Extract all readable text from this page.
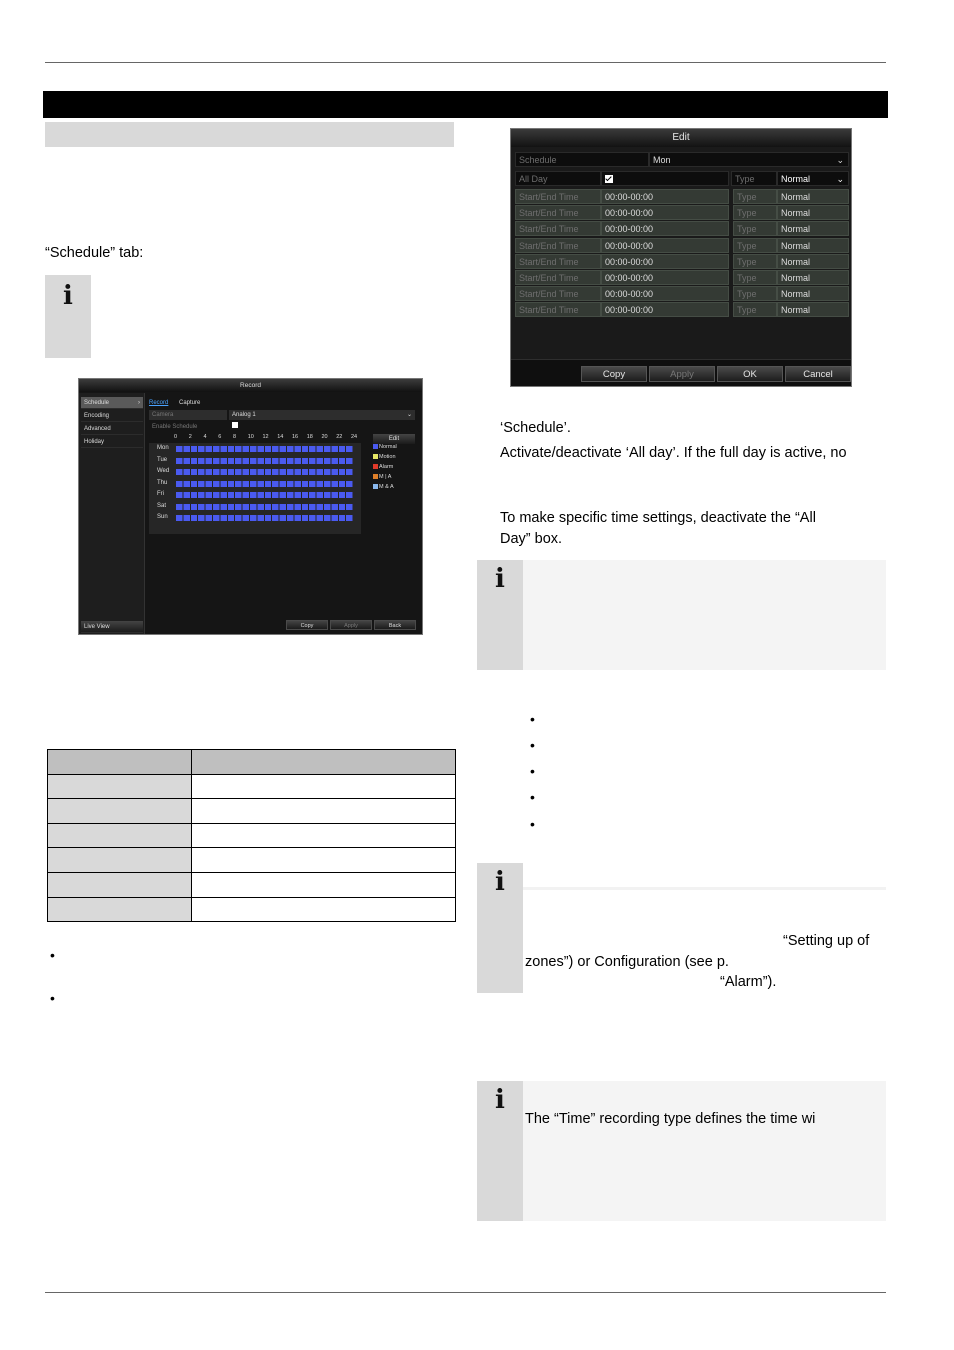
“Schedule” tab:
i
Record
Schedule	›
Encoding
Advanced
Holiday
Live View
Record	Capture
Camera	Analog 1	⌄
Enable Schedule
Edit
0 2 4 6 8 10 12 14 16 18 20 22 24
Mon
Tue
Wed
Thu
Fri
Sat
Sun
Normal
Motion
Alarm
M | A
M & A
Copy	Apply	Back

•
•
Edit
Schedule	Mon	⌄
All Day	Type	Normal	⌄
Start/End Time	00:00-00:00	Type	Normal
Start/End Time	00:00-00:00	Type	Normal
Start/End Time	00:00-00:00	Type	Normal
Start/End Time	00:00-00:00	Type	Normal
Start/End Time	00:00-00:00	Type	Normal
Start/End Time	00:00-00:00	Type	Normal
Start/End Time	00:00-00:00	Type	Normal
Start/End Time	00:00-00:00	Type	Normal
Copy	Apply	OK	Cancel
‘Schedule’.
Activate/deactivate ‘All day’. If the full day is active, no
To make specific time settings, deactivate the “All
Day” box.
i
•
•
•
•
•
i
“Setting up of
zones”) or Configuration (see p.
“Alarm”).
i
The “Time” recording type defines the time wi
